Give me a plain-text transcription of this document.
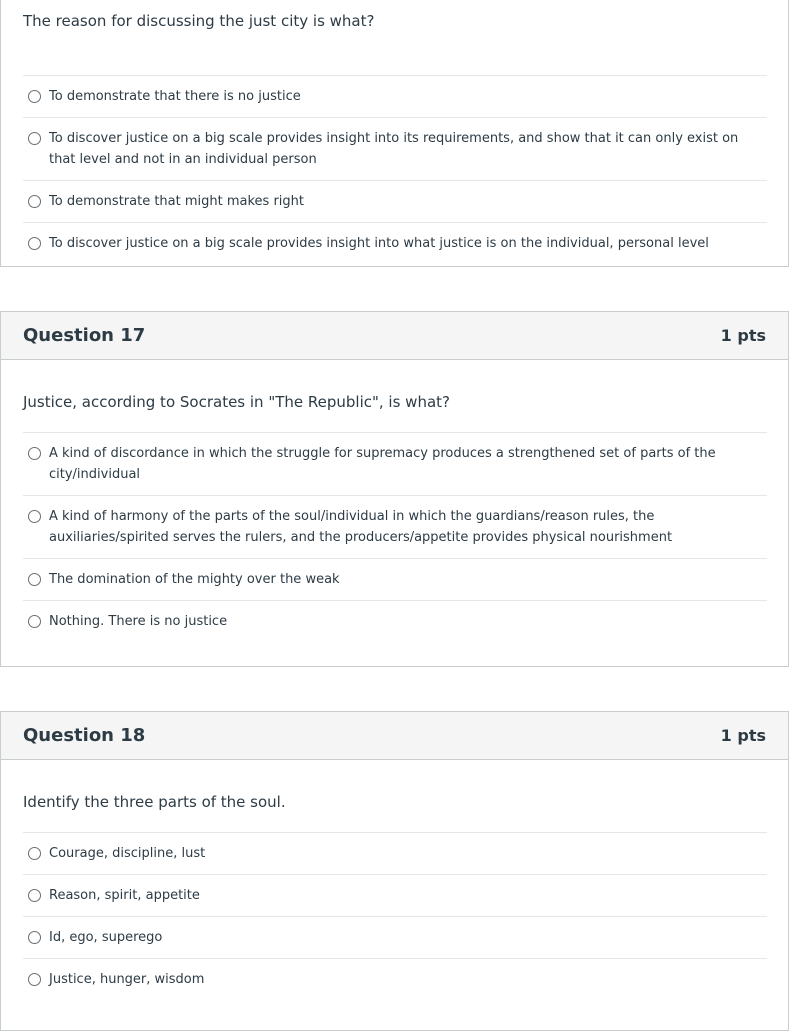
The reason for discussing the just city is what?

To demonstrate that there is no justice
To discover justice on a big scale provides insight into its requirements, and show that it can only exist on that level and not in an individual person
To demonstrate that might makes right
To discover justice on a big scale provides insight into what justice is on the individual, personal level
Question 17	1 pts

Justice, according to Socrates in "The Republic", is what?

A kind of discordance in which the struggle for supremacy produces a strengthened set of parts of the city/individual
A kind of harmony of the parts of the soul/individual in which the guardians/reason rules, the auxiliaries/spirited serves the rulers, and the producers/appetite provides physical nourishment
The domination of the mighty over the weak
Nothing. There is no justice
Question 18	1 pts

Identify the three parts of the soul.

Courage, discipline, lust
Reason, spirit, appetite
Id, ego, superego
Justice, hunger, wisdom
